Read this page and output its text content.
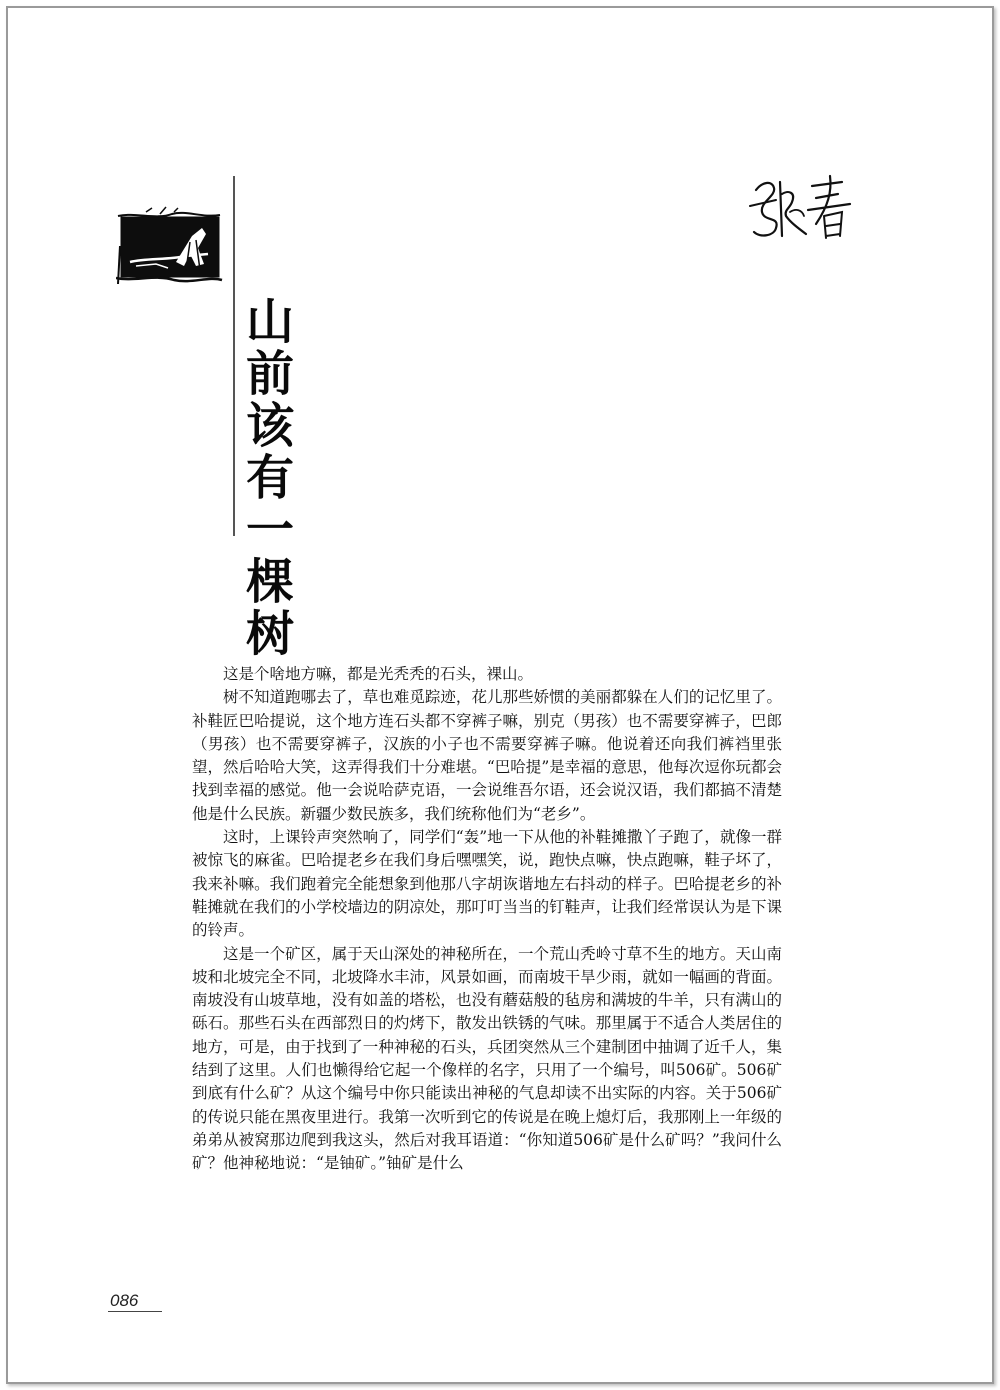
山
前
该
有
一
棵
树

这是个啥地方嘛，都是光秃秃的石头，裸山。

树不知道跑哪去了，草也难觅踪迹，花儿那些娇惯的美丽都躲在人们的记忆里了。补鞋匠巴哈提说，这个地方连石头都不穿裤子嘛，别克（男孩）也不需要穿裤子，巴郎（男孩）也不需要穿裤子，汉族的小子也不需要穿裤子嘛。他说着还向我们裤裆里张望，然后哈哈大笑，这弄得我们十分难堪。“巴哈提”是幸福的意思，他每次逗你玩都会找到幸福的感觉。他一会说哈萨克语，一会说维吾尔语，还会说汉语，我们都搞不清楚他是什么民族。新疆少数民族多，我们统称他们为“老乡”。

这时，上课铃声突然响了，同学们“轰”地一下从他的补鞋摊撒丫子跑了，就像一群被惊飞的麻雀。巴哈提老乡在我们身后嘿嘿笑，说，跑快点嘛，快点跑嘛，鞋子坏了，我来补嘛。我们跑着完全能想象到他那八字胡诙谐地左右抖动的样子。巴哈提老乡的补鞋摊就在我们的小学校墙边的阴凉处，那叮叮当当的钉鞋声，让我们经常误认为是下课的铃声。

这是一个矿区，属于天山深处的神秘所在，一个荒山秃岭寸草不生的地方。天山南坡和北坡完全不同，北坡降水丰沛，风景如画，而南坡干旱少雨，就如一幅画的背面。南坡没有山坡草地，没有如盖的塔松，也没有蘑菇般的毡房和满坡的牛羊，只有满山的砾石。那些石头在西部烈日的灼烤下，散发出铁锈的气味。那里属于不适合人类居住的地方，可是，由于找到了一种神秘的石头，兵团突然从三个建制团中抽调了近千人，集结到了这里。人们也懒得给它起一个像样的名字，只用了一个编号，叫506矿。506矿到底有什么矿？从这个编号中你只能读出神秘的气息却读不出实际的内容。关于506矿的传说只能在黑夜里进行。我第一次听到它的传说是在晚上熄灯后，我那刚上一年级的弟弟从被窝那边爬到我这头，然后对我耳语道：“你知道506矿是什么矿吗？”我问什么矿？他神秘地说：“是铀矿。”铀矿是什么

086
